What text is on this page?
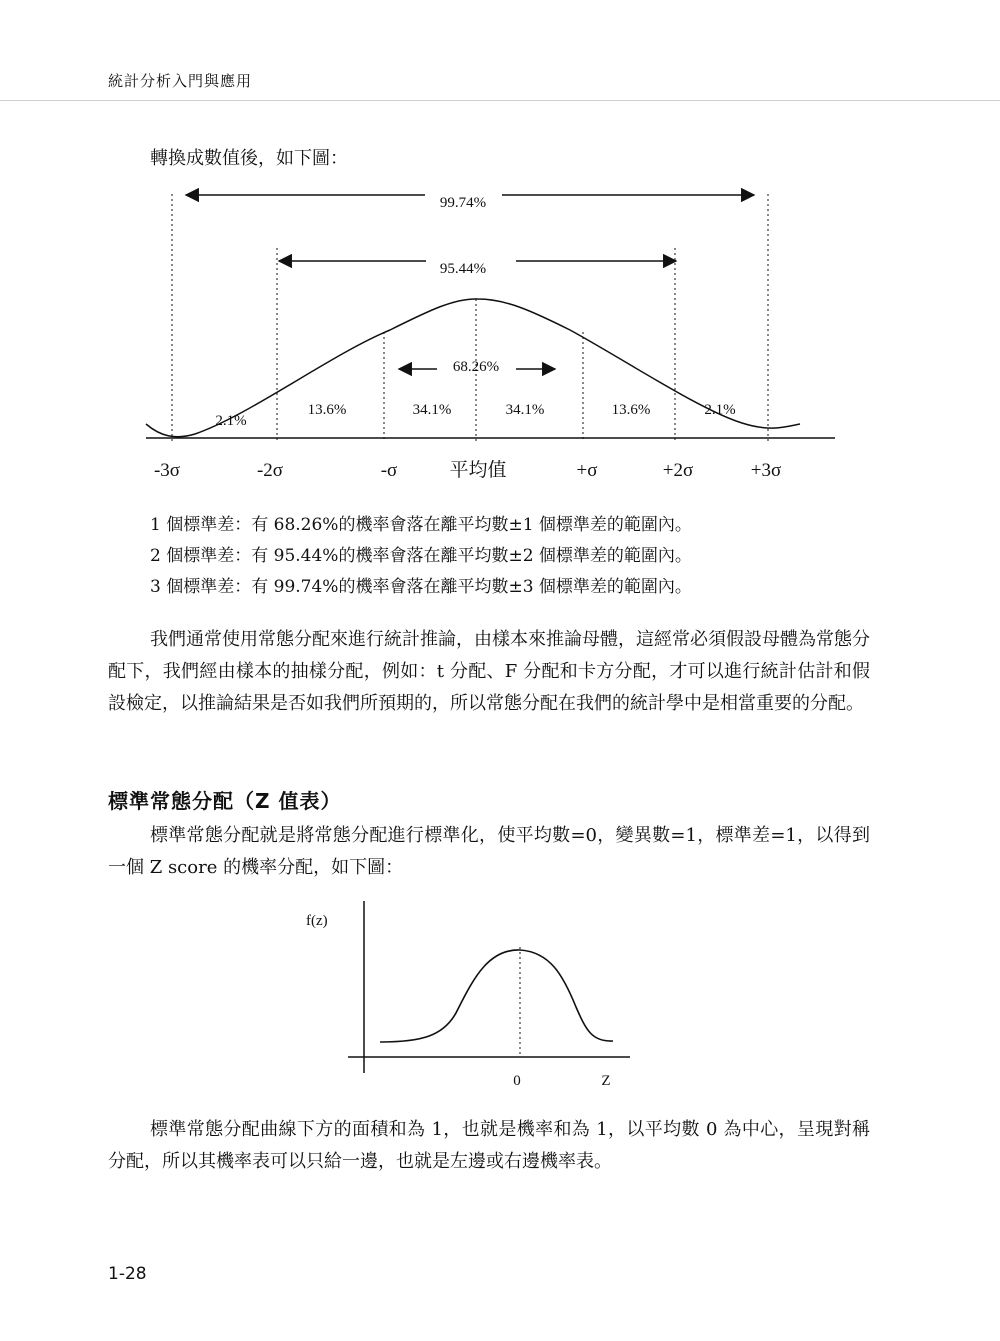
統計分析入門與應用
轉換成數值後，如下圖：
99.74%
95.44%
68.26%
2.1%
13.6%	34.1%	34.1%	13.6%	2.1%
-3σ	-2σ	-σ	平均值	+σ	+2σ	+3σ
1 個標準差：有 68.26%的機率會落在離平均數±1 個標準差的範圍內。
2 個標準差：有 95.44%的機率會落在離平均數±2 個標準差的範圍內。
3 個標準差：有 99.74%的機率會落在離平均數±3 個標準差的範圍內。

我們通常使用常態分配來進行統計推論，由樣本來推論母體，這經常必須假設母體為常態分配下，我們經由樣本的抽樣分配，例如：t 分配、F 分配和卡方分配，才可以進行統計估計和假設檢定，以推論結果是否如我們所預期的，所以常態分配在我們的統計學中是相當重要的分配。

標準常態分配（Z 值表）

標準常態分配就是將常態分配進行標準化，使平均數=0，變異數=1，標準差=1，以得到一個 Z score 的機率分配，如下圖：

f(z)
0	Z

標準常態分配曲線下方的面積和為 1，也就是機率和為 1，以平均數 0 為中心，呈現對稱分配，所以其機率表可以只給一邊，也就是左邊或右邊機率表。

1-28
